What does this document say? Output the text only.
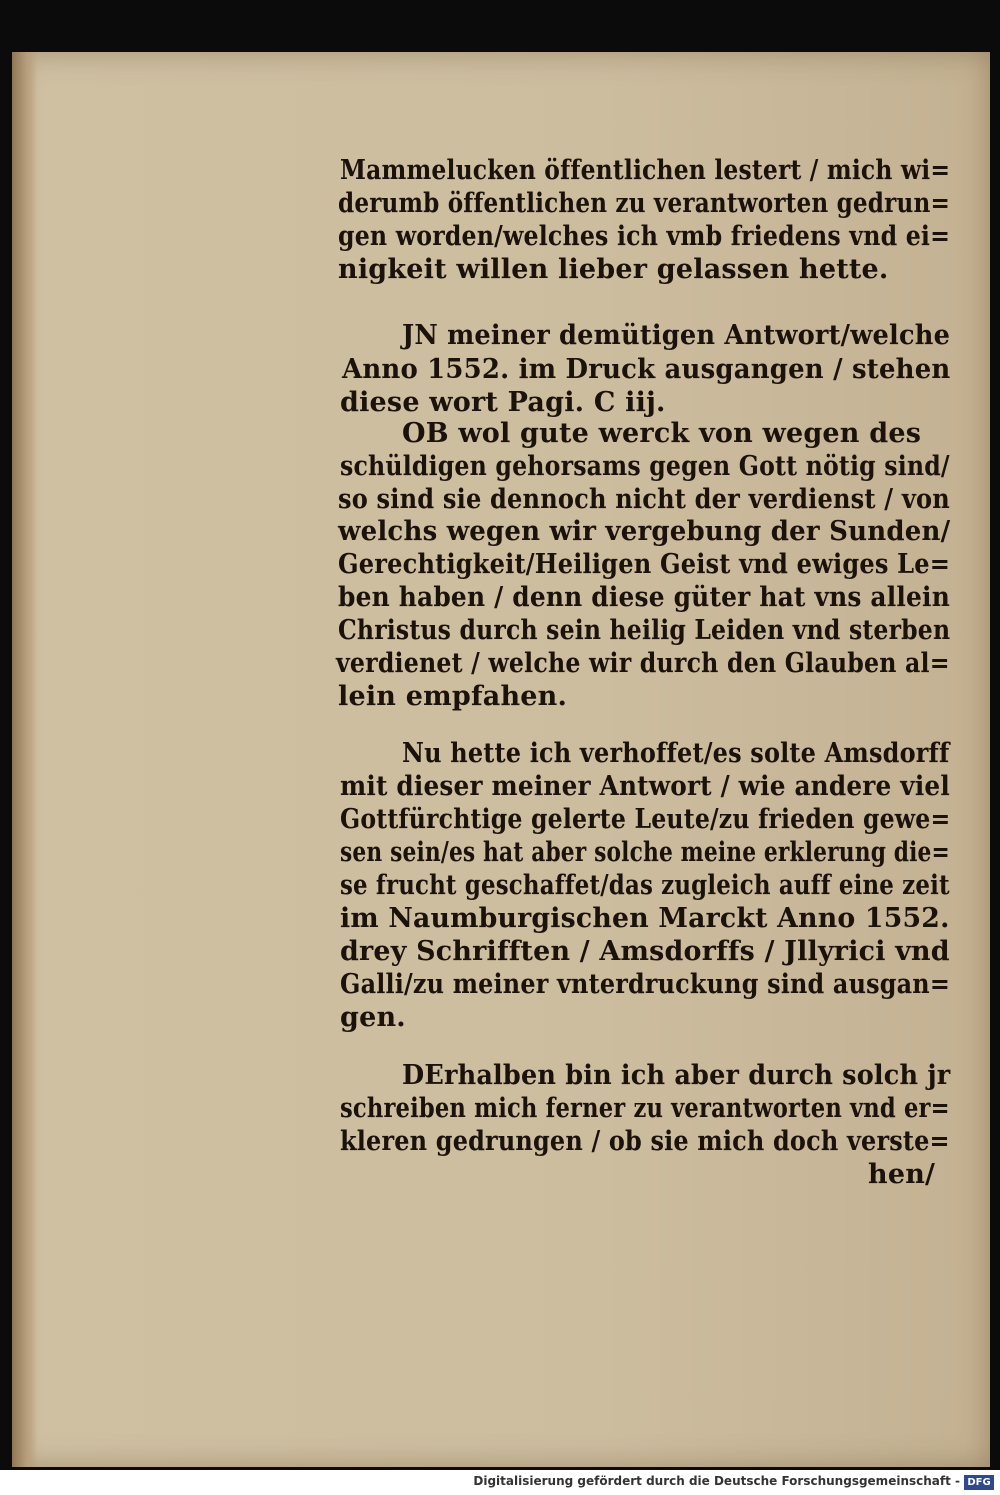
Mammelucken öffentlichen lestert / mich wi=
derumb öffentlichen zu verantworten gedrun=
gen worden/welches ich vmb friedens vnd ei=
nigkeit willen lieber gelassen hette.
JN meiner demütigen Antwort/welche
Anno 1552. im Druck ausgangen / stehen
diese wort Pagi. C iij.
OB wol gute werck von wegen des
schüldigen gehorsams gegen Gott nötig sind/
so sind sie dennoch nicht der verdienst / von
welchs wegen wir vergebung der Sunden/
Gerechtigkeit/Heiligen Geist vnd ewiges Le=
ben haben / denn diese güter hat vns allein
Christus durch sein heilig Leiden vnd sterben
verdienet / welche wir durch den Glauben al=
lein empfahen.
Nu hette ich verhoffet/es solte Amsdorff
mit dieser meiner Antwort / wie andere viel
Gottfürchtige gelerte Leute/zu frieden gewe=
sen sein/es hat aber solche meine erklerung die=
se frucht geschaffet/das zugleich auff eine zeit
im Naumburgischen Marckt Anno 1552.
drey Schrifften / Amsdorffs / Jllyrici vnd
Galli/zu meiner vnterdruckung sind ausgan=
gen.
DErhalben bin ich aber durch solch jr
schreiben mich ferner zu verantworten vnd er=
kleren gedrungen / ob sie mich doch verste=
hen/
Digitalisierung gefördert durch die Deutsche Forschungsgemeinschaft - DFG
